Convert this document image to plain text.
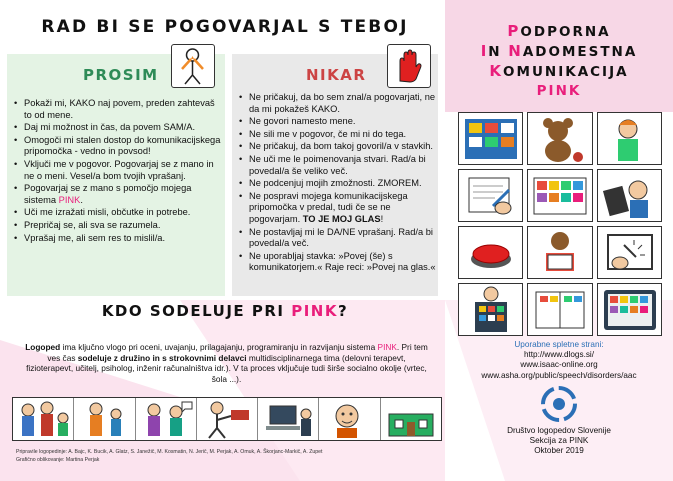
RAD BI SE POGOVARJAL S TEBOJ
PROSIM
• Pokaži mi, KAKO naj povem, preden zahtevaš to od mene.
• Daj mi možnost in čas, da povem SAM/A.
• Omogoči mi stalen dostop do komunikacijskega pripomočka - vedno in povsod!
• Vključi me v pogovor. Pogovarjaj se z mano in ne o meni. Vesel/a bom tvojih vprašanj.
• Pogovarjaj se z mano s pomočjo mojega sistema PINK.
• Uči me izražati misli, občutke in potrebe.
• Prepričaj se, ali sva se razumela.
• Vprašaj me, ali sem res to mislil/a.
NIKAR
• Ne pričakuj, da bo sem znal/a pogovarjati, ne da mi pokažeš KAKO.
• Ne govori namesto mene.
• Ne sili me v pogovor, če mi ni do tega.
• Ne pričakuj, da bom takoj govoril/a v stavkih.
• Ne uči me le poimenovanja stvari. Rad/a bi povedal/a še veliko več.
• Ne podcenjuj mojih zmožnosti. ZMOREM.
• Ne pospravi mojega komunikacijskega pripomočka v predal, tudi če se ne pogovarjam. TO JE MOJ GLAS!
• Ne postavljaj mi le DA/NE vprašanj. Rad/a bi povedal/a več.
• Ne uporabljaj stavka: »Povej (še) s komunikatorjem.« Raje reci: »Povej na glas.«
KDO SODELUJE PRI PINK?
Logoped ima ključno vlogo pri oceni, uvajanju, prilagajanju, programiranju in razvijanju sistema PINK. Pri tem ves čas sodeluje z družino in s strokovnimi delavci multidisciplinarnega tima (delovni terapevt, fizioterapevt, učitelj, psiholog, inženir računalništva idr.). V ta proces vključuje tudi širše socialno okolje (vrtec, šola ...).
Pripravile logopedinje: A. Bajc, K. Bucik, A. Glatz, S. Janežič, M. Kosmatin, N. Jerič, M. Perjak, A. Omuk, A. Škorjanc-Markič, A. Zupet
Grafično oblikovanje: Martina Perjak
PODPORNA
IN NADOMESTNA
KOMUNIKACIJA
PINK
Uporabne spletne strani:
http://www.dlogs.si/
www.isaac-online.org
www.asha.org/public/speech/disorders/aac
Društvo logopedov Slovenije
Sekcija za PINK
Oktober 2019
